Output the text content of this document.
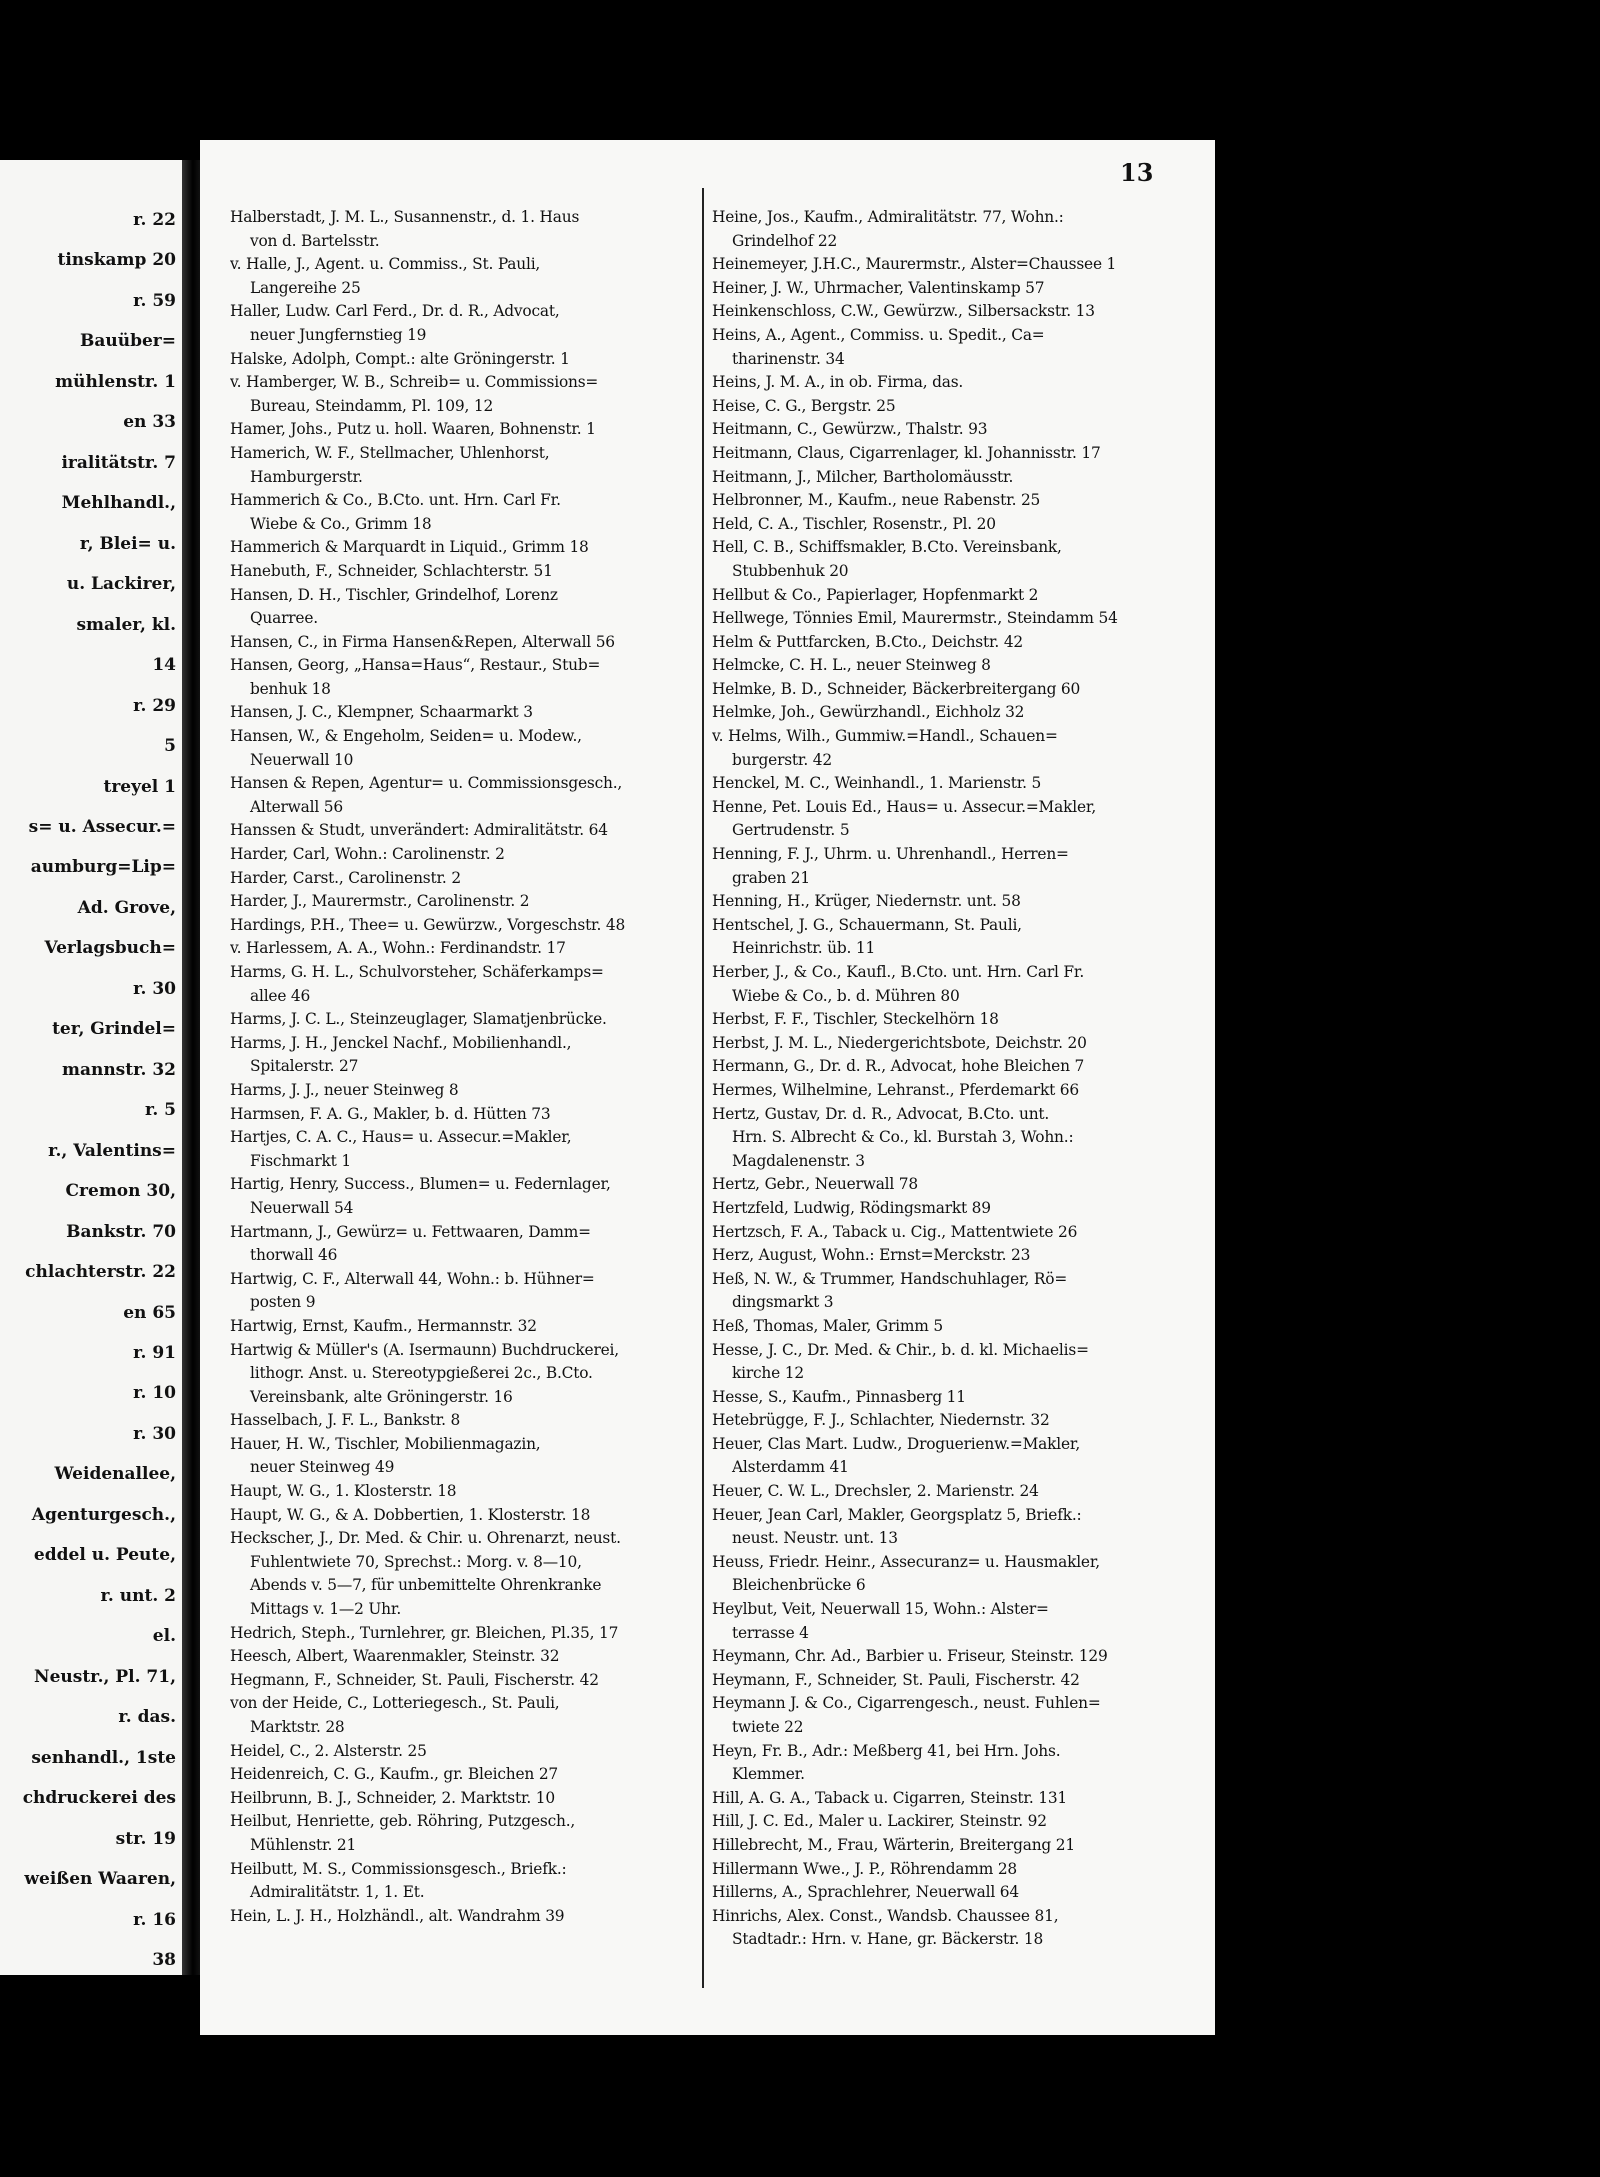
r. 22
tinskamp 20
r. 59
Bauüber=
mühlenstr. 1
en 33
iralitätstr. 7
Mehlhandl.,
r, Blei= u.
u. Lackirer,
smaler, kl.
14
r. 29
5
treyel 1
s= u. Assecur.=
aumburg=Lip=
Ad. Grove,
Verlagsbuch=
r. 30
ter, Grindel=
mannstr. 32
r. 5
r., Valentins=
Cremon 30,
Bankstr. 70
chlachterstr. 22
en 65
r. 91
r. 10
r. 30
Weidenallee,
Agenturgesch.,
eddel u. Peute,
r. unt. 2
el.
Neustr., Pl. 71,
r. das.
senhandl., 1ste
chdruckerei des
str. 19
weißen Waaren,
r. 16
38
13
Halberstadt, J. M. L., Susannenstr., d. 1. Haus
von d. Bartelsstr.
v. Halle, J., Agent. u. Commiss., St. Pauli,
Langereihe 25
Haller, Ludw. Carl Ferd., Dr. d. R., Advocat,
neuer Jungfernstieg 19
Halske, Adolph, Compt.: alte Gröningerstr. 1
v. Hamberger, W. B., Schreib= u. Commissions=
Bureau, Steindamm, Pl. 109, 12
Hamer, Johs., Putz u. holl. Waaren, Bohnenstr. 1
Hamerich, W. F., Stellmacher, Uhlenhorst,
Hamburgerstr.
Hammerich & Co., B.Cto. unt. Hrn. Carl Fr.
Wiebe & Co., Grimm 18
Hammerich & Marquardt in Liquid., Grimm 18
Hanebuth, F., Schneider, Schlachterstr. 51
Hansen, D. H., Tischler, Grindelhof, Lorenz
Quarree.
Hansen, C., in Firma Hansen&Repen, Alterwall 56
Hansen, Georg, „Hansa=Haus“, Restaur., Stub=
benhuk 18
Hansen, J. C., Klempner, Schaarmarkt 3
Hansen, W., & Engeholm, Seiden= u. Modew.,
Neuerwall 10
Hansen & Repen, Agentur= u. Commissionsgesch.,
Alterwall 56
Hanssen & Studt, unverändert: Admiralitätstr. 64
Harder, Carl, Wohn.: Carolinenstr. 2
Harder, Carst., Carolinenstr. 2
Harder, J., Maurermstr., Carolinenstr. 2
Hardings, P.H., Thee= u. Gewürzw., Vorgeschstr. 48
v. Harlessem, A. A., Wohn.: Ferdinandstr. 17
Harms, G. H. L., Schulvorsteher, Schäferkamps=
allee 46
Harms, J. C. L., Steinzeuglager, Slamatjenbrücke.
Harms, J. H., Jenckel Nachf., Mobilienhandl.,
Spitalerstr. 27
Harms, J. J., neuer Steinweg 8
Harmsen, F. A. G., Makler, b. d. Hütten 73
Hartjes, C. A. C., Haus= u. Assecur.=Makler,
Fischmarkt 1
Hartig, Henry, Success., Blumen= u. Federnlager,
Neuerwall 54
Hartmann, J., Gewürz= u. Fettwaaren, Damm=
thorwall 46
Hartwig, C. F., Alterwall 44, Wohn.: b. Hühner=
posten 9
Hartwig, Ernst, Kaufm., Hermannstr. 32
Hartwig & Müller's (A. Isermaunn) Buchdruckerei,
lithogr. Anst. u. Stereotypgießerei 2c., B.Cto.
Vereinsbank, alte Gröningerstr. 16
Hasselbach, J. F. L., Bankstr. 8
Hauer, H. W., Tischler, Mobilienmagazin,
neuer Steinweg 49
Haupt, W. G., 1. Klosterstr. 18
Haupt, W. G., & A. Dobbertien, 1. Klosterstr. 18
Heckscher, J., Dr. Med. & Chir. u. Ohrenarzt, neust.
Fuhlentwiete 70, Sprechst.: Morg. v. 8—10,
Abends v. 5—7, für unbemittelte Ohrenkranke
Mittags v. 1—2 Uhr.
Hedrich, Steph., Turnlehrer, gr. Bleichen, Pl.35, 17
Heesch, Albert, Waarenmakler, Steinstr. 32
Hegmann, F., Schneider, St. Pauli, Fischerstr. 42
von der Heide, C., Lotteriegesch., St. Pauli,
Marktstr. 28
Heidel, C., 2. Alsterstr. 25
Heidenreich, C. G., Kaufm., gr. Bleichen 27
Heilbrunn, B. J., Schneider, 2. Marktstr. 10
Heilbut, Henriette, geb. Röhring, Putzgesch.,
Mühlenstr. 21
Heilbutt, M. S., Commissionsgesch., Briefk.:
Admiralitätstr. 1, 1. Et.
Hein, L. J. H., Holzhändl., alt. Wandrahm 39
Heine, Jos., Kaufm., Admiralitätstr. 77, Wohn.:
Grindelhof 22
Heinemeyer, J.H.C., Maurermstr., Alster=Chaussee 1
Heiner, J. W., Uhrmacher, Valentinskamp 57
Heinkenschloss, C.W., Gewürzw., Silbersackstr. 13
Heins, A., Agent., Commiss. u. Spedit., Ca=
tharinenstr. 34
Heins, J. M. A., in ob. Firma, das.
Heise, C. G., Bergstr. 25
Heitmann, C., Gewürzw., Thalstr. 93
Heitmann, Claus, Cigarrenlager, kl. Johannisstr. 17
Heitmann, J., Milcher, Bartholomäusstr.
Helbronner, M., Kaufm., neue Rabenstr. 25
Held, C. A., Tischler, Rosenstr., Pl. 20
Hell, C. B., Schiffsmakler, B.Cto. Vereinsbank,
Stubbenhuk 20
Hellbut & Co., Papierlager, Hopfenmarkt 2
Hellwege, Tönnies Emil, Maurermstr., Steindamm 54
Helm & Puttfarcken, B.Cto., Deichstr. 42
Helmcke, C. H. L., neuer Steinweg 8
Helmke, B. D., Schneider, Bäckerbreitergang 60
Helmke, Joh., Gewürzhandl., Eichholz 32
v. Helms, Wilh., Gummiw.=Handl., Schauen=
burgerstr. 42
Henckel, M. C., Weinhandl., 1. Marienstr. 5
Henne, Pet. Louis Ed., Haus= u. Assecur.=Makler,
Gertrudenstr. 5
Henning, F. J., Uhrm. u. Uhrenhandl., Herren=
graben 21
Henning, H., Krüger, Niedernstr. unt. 58
Hentschel, J. G., Schauermann, St. Pauli,
Heinrichstr. üb. 11
Herber, J., & Co., Kaufl., B.Cto. unt. Hrn. Carl Fr.
Wiebe & Co., b. d. Mühren 80
Herbst, F. F., Tischler, Steckelhörn 18
Herbst, J. M. L., Niedergerichtsbote, Deichstr. 20
Hermann, G., Dr. d. R., Advocat, hohe Bleichen 7
Hermes, Wilhelmine, Lehranst., Pferdemarkt 66
Hertz, Gustav, Dr. d. R., Advocat, B.Cto. unt.
Hrn. S. Albrecht & Co., kl. Burstah 3, Wohn.:
Magdalenenstr. 3
Hertz, Gebr., Neuerwall 78
Hertzfeld, Ludwig, Rödingsmarkt 89
Hertzsch, F. A., Taback u. Cig., Mattentwiete 26
Herz, August, Wohn.: Ernst=Merckstr. 23
Heß, N. W., & Trummer, Handschuhlager, Rö=
dingsmarkt 3
Heß, Thomas, Maler, Grimm 5
Hesse, J. C., Dr. Med. & Chir., b. d. kl. Michaelis=
kirche 12
Hesse, S., Kaufm., Pinnasberg 11
Hetebrügge, F. J., Schlachter, Niedernstr. 32
Heuer, Clas Mart. Ludw., Droguerienw.=Makler,
Alsterdamm 41
Heuer, C. W. L., Drechsler, 2. Marienstr. 24
Heuer, Jean Carl, Makler, Georgsplatz 5, Briefk.:
neust. Neustr. unt. 13
Heuss, Friedr. Heinr., Assecuranz= u. Hausmakler,
Bleichenbrücke 6
Heylbut, Veit, Neuerwall 15, Wohn.: Alster=
terrasse 4
Heymann, Chr. Ad., Barbier u. Friseur, Steinstr. 129
Heymann, F., Schneider, St. Pauli, Fischerstr. 42
Heymann J. & Co., Cigarrengesch., neust. Fuhlen=
twiete 22
Heyn, Fr. B., Adr.: Meßberg 41, bei Hrn. Johs.
Klemmer.
Hill, A. G. A., Taback u. Cigarren, Steinstr. 131
Hill, J. C. Ed., Maler u. Lackirer, Steinstr. 92
Hillebrecht, M., Frau, Wärterin, Breitergang 21
Hillermann Wwe., J. P., Röhrendamm 28
Hillerns, A., Sprachlehrer, Neuerwall 64
Hinrichs, Alex. Const., Wandsb. Chaussee 81,
Stadtadr.: Hrn. v. Hane, gr. Bäckerstr. 18
